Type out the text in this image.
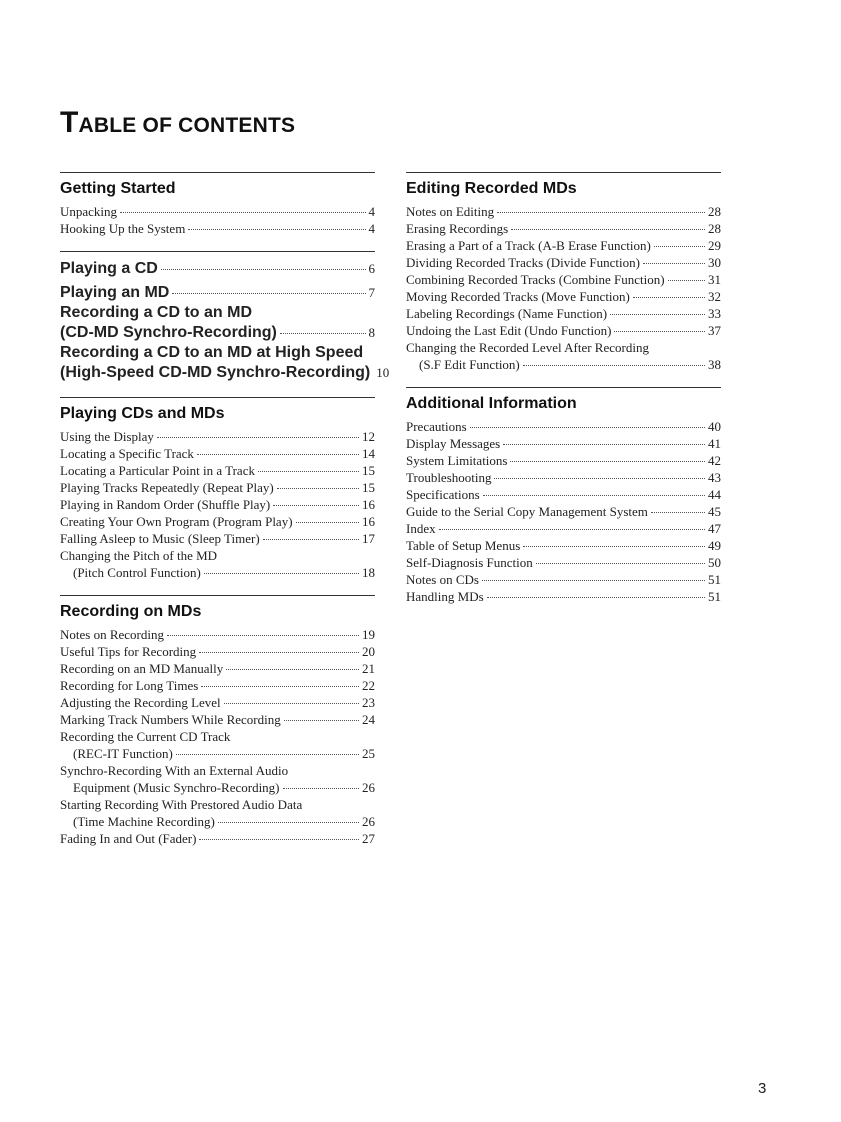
TABLE OF CONTENTS
Getting Started
Unpacking	4
Hooking Up the System	4
Playing a CD	6
Playing an MD	7
Recording a CD to an MD
(CD-MD Synchro-Recording)	8
Recording a CD to an MD at High Speed
(High-Speed CD-MD Synchro-Recording) 10
Playing CDs and MDs
Using the Display	12
Locating a Specific Track	14
Locating a Particular Point in a Track	15
Playing Tracks Repeatedly (Repeat Play)	15
Playing in Random Order (Shuffle Play)	16
Creating Your Own Program (Program Play)	16
Falling Asleep to Music (Sleep Timer)	17
Changing the Pitch of the MD
(Pitch Control Function)	18
Recording on MDs
Notes on Recording	19
Useful Tips for Recording	20
Recording on an MD Manually	21
Recording for Long Times	22
Adjusting the Recording Level	23
Marking Track Numbers While Recording	24
Recording the Current CD Track
(REC-IT Function)	25
Synchro-Recording With an External Audio
Equipment (Music Synchro-Recording)	26
Starting Recording With Prestored Audio Data
(Time Machine Recording)	26
Fading In and Out (Fader)	27
Editing Recorded MDs
Notes on Editing	28
Erasing Recordings	28
Erasing a Part of a Track (A-B Erase Function)	29
Dividing Recorded Tracks (Divide Function)	30
Combining Recorded Tracks (Combine Function)	31
Moving Recorded Tracks (Move Function)	32
Labeling Recordings (Name Function)	33
Undoing the Last Edit (Undo Function)	37
Changing the Recorded Level After Recording
(S.F Edit Function)	38
Additional Information
Precautions	40
Display Messages	41
System Limitations	42
Troubleshooting	43
Specifications	44
Guide to the Serial Copy Management System	45
Index	47
Table of Setup Menus	49
Self-Diagnosis Function	50
Notes on CDs	51
Handling MDs	51
3
